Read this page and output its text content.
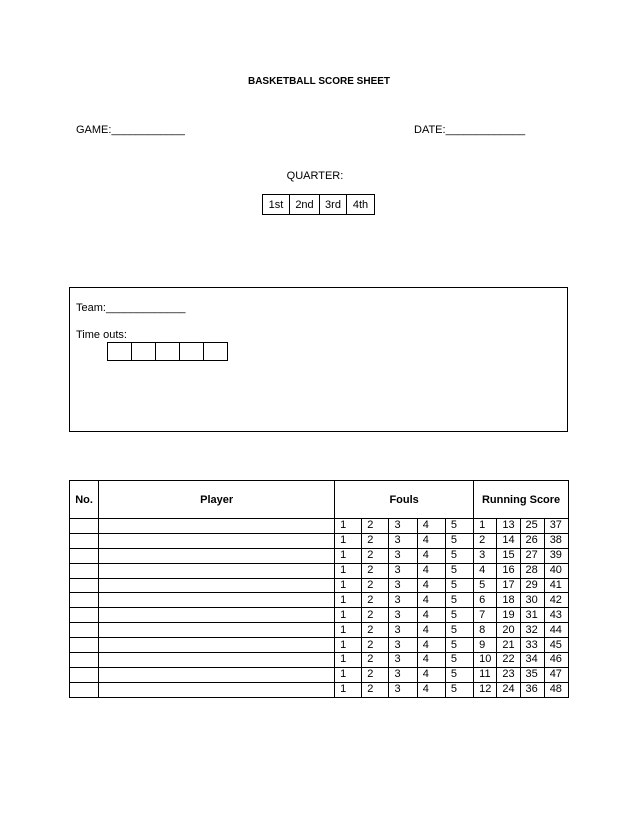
BASKETBALL SCORE SHEET
GAME:____________	DATE:_____________
QUARTER:
1st	2nd	3rd	4th
Team:_____________
Time outs:

No.	Player	Fouls					Running Score			
		1	2	3	4	5	1	13	25	37
		1	2	3	4	5	2	14	26	38
		1	2	3	4	5	3	15	27	39
		1	2	3	4	5	4	16	28	40
		1	2	3	4	5	5	17	29	41
		1	2	3	4	5	6	18	30	42
		1	2	3	4	5	7	19	31	43
		1	2	3	4	5	8	20	32	44
		1	2	3	4	5	9	21	33	45
		1	2	3	4	5	10	22	34	46
		1	2	3	4	5	11	23	35	47
		1	2	3	4	5	12	24	36	48
